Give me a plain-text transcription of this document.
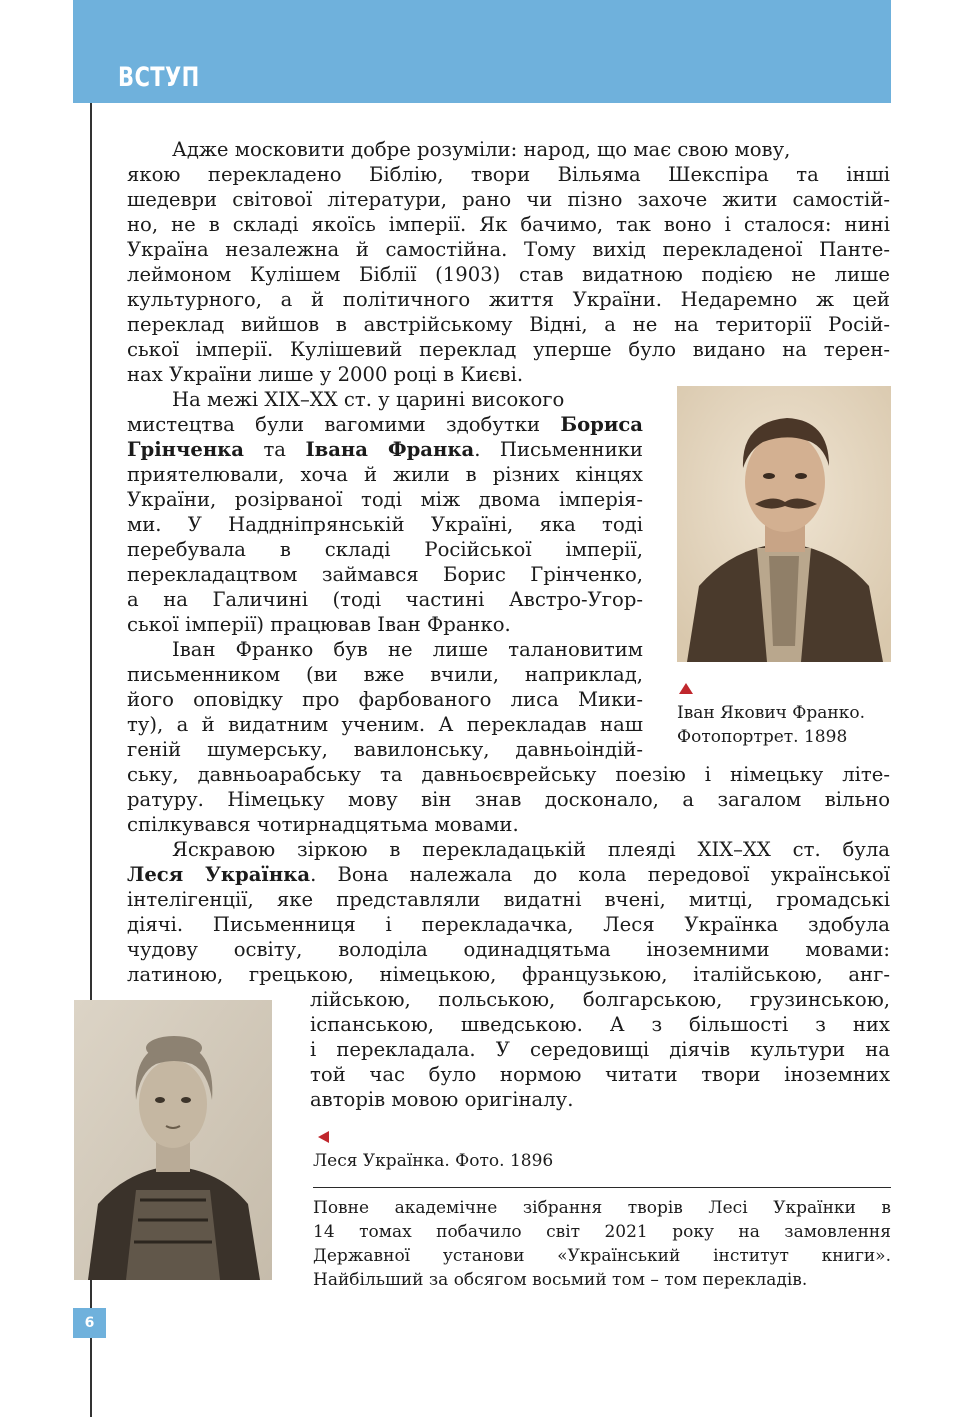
ВСТУП
Адже московити добре розуміли: народ, що має свою мову,
якою перекладено Біблію, твори Вільяма Шекспіра та інші
шедеври світової літератури, рано чи пізно захоче жити самостій-
но, не в складі якоїсь імперії. Як бачимо, так воно і сталося: нині
Україна незалежна й самостійна. Тому вихід перекладеної Панте-
леймоном Кулішем Біблії (1903) став видатною подією не лише
культурного, а й політичного життя України. Недаремно ж цей
переклад вийшов в австрійському Відні, а не на території Росій-
ської імперії. Кулішевий переклад уперше було видано на терен-
нах України лише у 2000 році в Києві.
На межі XIX–XX ст. у царині високого
мистецтва були вагомими здобутки Бориса
Грінченка та Івана Франка. Письменники
приятелювали, хоча й жили в різних кінцях
України, розірваної тоді між двома імперія-
ми. У Наддніпрянській Україні, яка тоді
перебувала в складі Російської імперії,
перекладацтвом займався Борис Грінченко,
а на Галичині (тоді частині Австро-Угор-
ської імперії) працював Іван Франко.
Іван Франко був не лише талановитим
письменником (ви вже вчили, наприклад,
його оповідку про фарбованого лиса Мики-
ту), а й видатним ученим. А перекладав наш
геній шумерську, вавилонську, давньоіндій-
ську, давньоарабську та давньоєврейську поезію і німецьку літе-
ратуру. Німецьку мову він знав досконало, а загалом вільно
спілкувався чотирнадцятьма мовами.
Яскравою зіркою в перекладацькій плеяді XIX–XX ст. була
Леся Українка. Вона належала до кола передової української
інтелігенції, яке представляли видатні вчені, митці, громадські
діячі. Письменниця і перекладачка, Леся Українка здобула
чудову освіту, володіла одинадцятьма іноземними мовами:
латиною, грецькою, німецькою, французькою, італійською, анг-
лійською, польською, болгарською, грузинською,
іспанською, шведською. А з більшості з них
і перекладала. У середовищі діячів культури на
той час було нормою читати твори іноземних
авторів мовою оригіналу.
Іван Якович Франко.
Фотопортрет. 1898
Леся Українка. Фото. 1896
Повне академічне зібрання творів Лесі Українки в
14 томах побачило світ 2021 року на замовлення
Державної установи «Український інститут книги».
Найбільший за обсягом восьмий том – том перекладів.
6
